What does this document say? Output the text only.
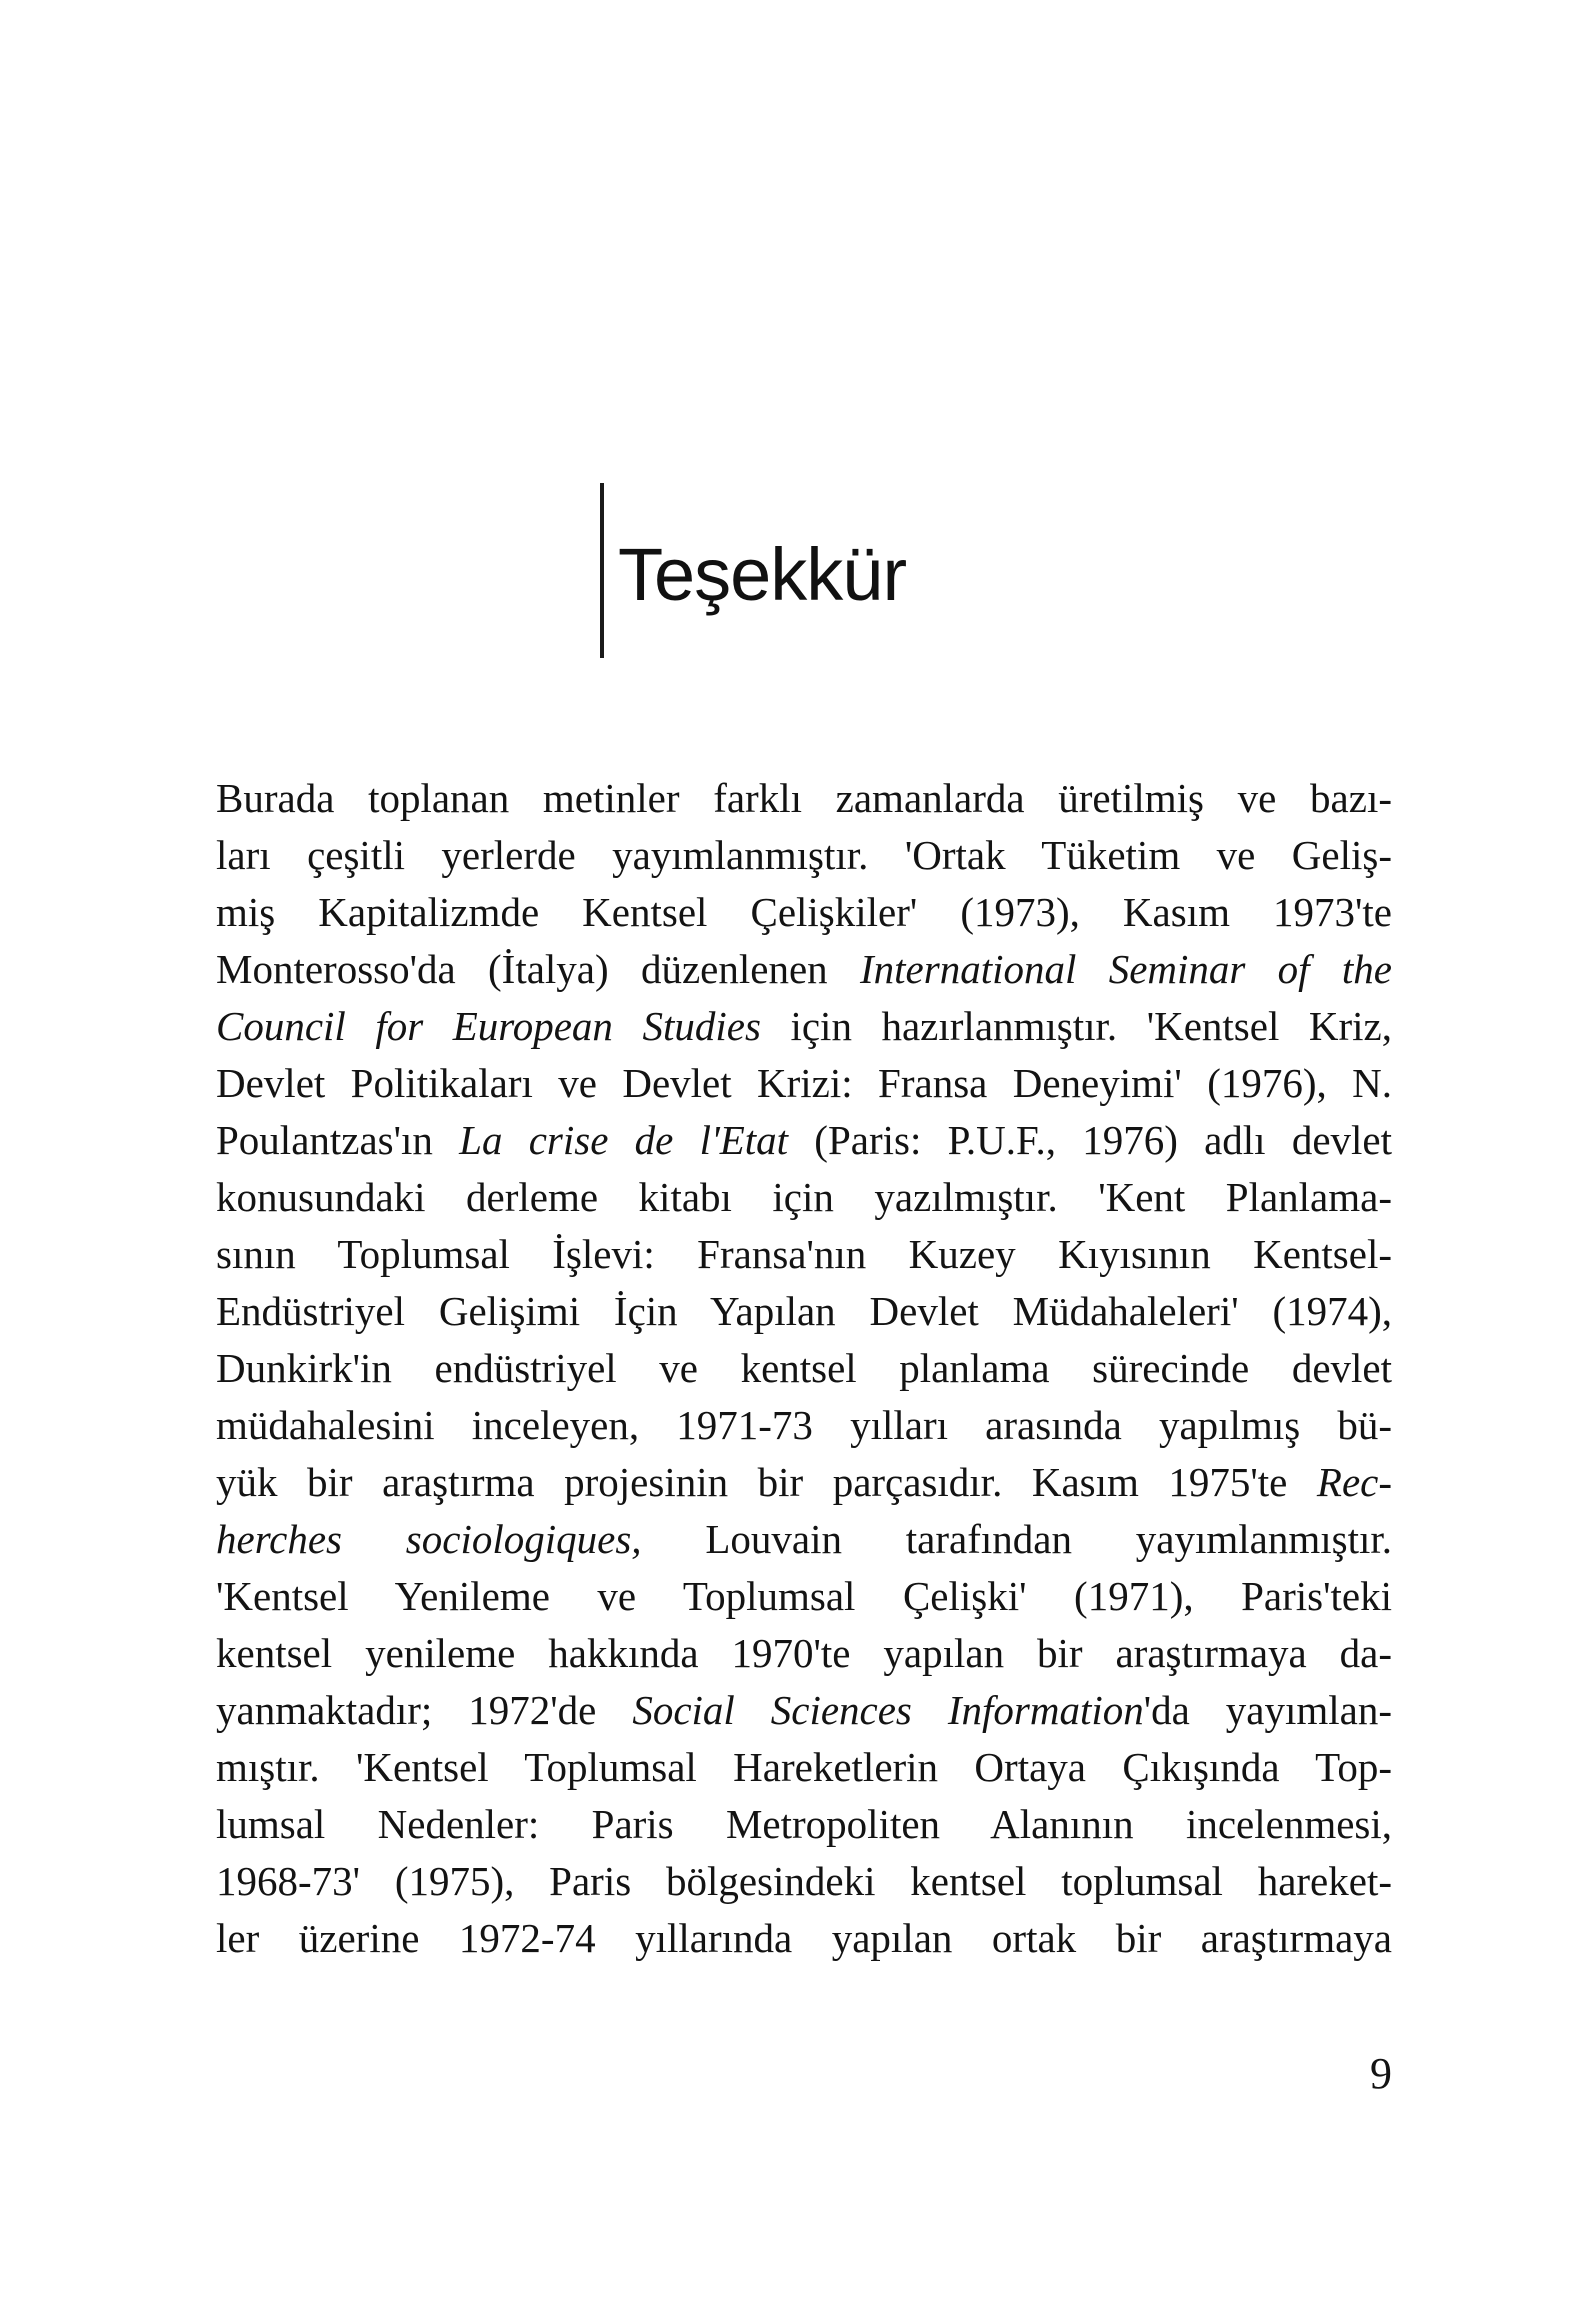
Teşekkür
Burada toplanan metinler farklı zamanlarda üretilmiş ve bazı-
ları çeşitli yerlerde yayımlanmıştır. 'Ortak Tüketim ve Geliş-
miş Kapitalizmde Kentsel Çelişkiler' (1973), Kasım 1973'te
Monterosso'da (İtalya) düzenlenen International Seminar of the
Council for European Studies için hazırlanmıştır. 'Kentsel Kriz,
Devlet Politikaları ve Devlet Krizi: Fransa Deneyimi' (1976), N.
Poulantzas'ın La crise de l'Etat (Paris: P.U.F., 1976) adlı devlet
konusundaki derleme kitabı için yazılmıştır. 'Kent Planlama-
sının Toplumsal İşlevi: Fransa'nın Kuzey Kıyısının Kentsel-
Endüstriyel Gelişimi İçin Yapılan Devlet Müdahaleleri' (1974),
Dunkirk'in endüstriyel ve kentsel planlama sürecinde devlet
müdahalesini inceleyen, 1971-73 yılları arasında yapılmış bü-
yük bir araştırma projesinin bir parçasıdır. Kasım 1975'te Rec-
herches sociologiques, Louvain tarafından yayımlanmıştır.
'Kentsel Yenileme ve Toplumsal Çelişki' (1971), Paris'teki
kentsel yenileme hakkında 1970'te yapılan bir araştırmaya da-
yanmaktadır; 1972'de Social Sciences Information'da yayımlan-
mıştır. 'Kentsel Toplumsal Hareketlerin Ortaya Çıkışında Top-
lumsal Nedenler: Paris Metropoliten Alanının incelenmesi,
1968-73' (1975), Paris bölgesindeki kentsel toplumsal hareket-
ler üzerine 1972-74 yıllarında yapılan ortak bir araştırmaya
9
